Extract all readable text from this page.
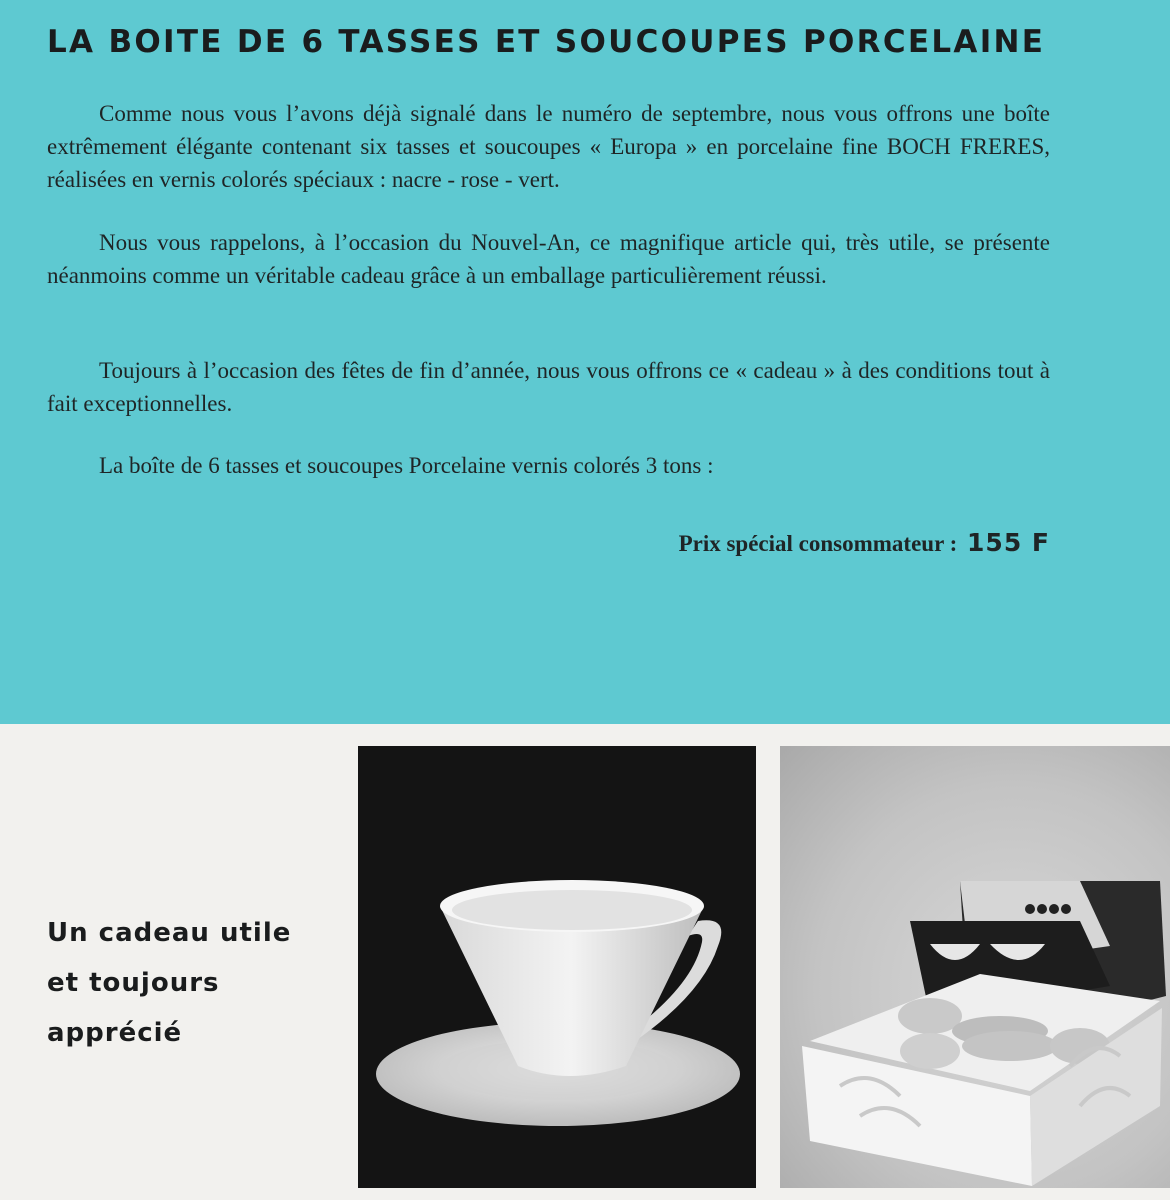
LA BOITE DE 6 TASSES ET SOUCOUPES PORCELAINE

Comme nous vous l’avons déjà signalé dans le numéro de septembre, nous vous offrons une boîte extrêmement élégante contenant six tasses et soucoupes « Europa » en porcelaine fine BOCH FRERES, réalisées en vernis colorés spéciaux : nacre - rose - vert.

Nous vous rappelons, à l’occasion du Nouvel-An, ce magnifique article qui, très utile, se présente néanmoins comme un véritable cadeau grâce à un emballage particulièrement réussi.

Toujours à l’occasion des fêtes de fin d’année, nous vous offrons ce « cadeau » à des conditions tout à fait exceptionnelles.

La boîte de 6 tasses et soucoupes Porcelaine vernis colorés 3 tons :

Prix spécial consommateur : 155 F
Un cadeau utile
et toujours
apprécié
